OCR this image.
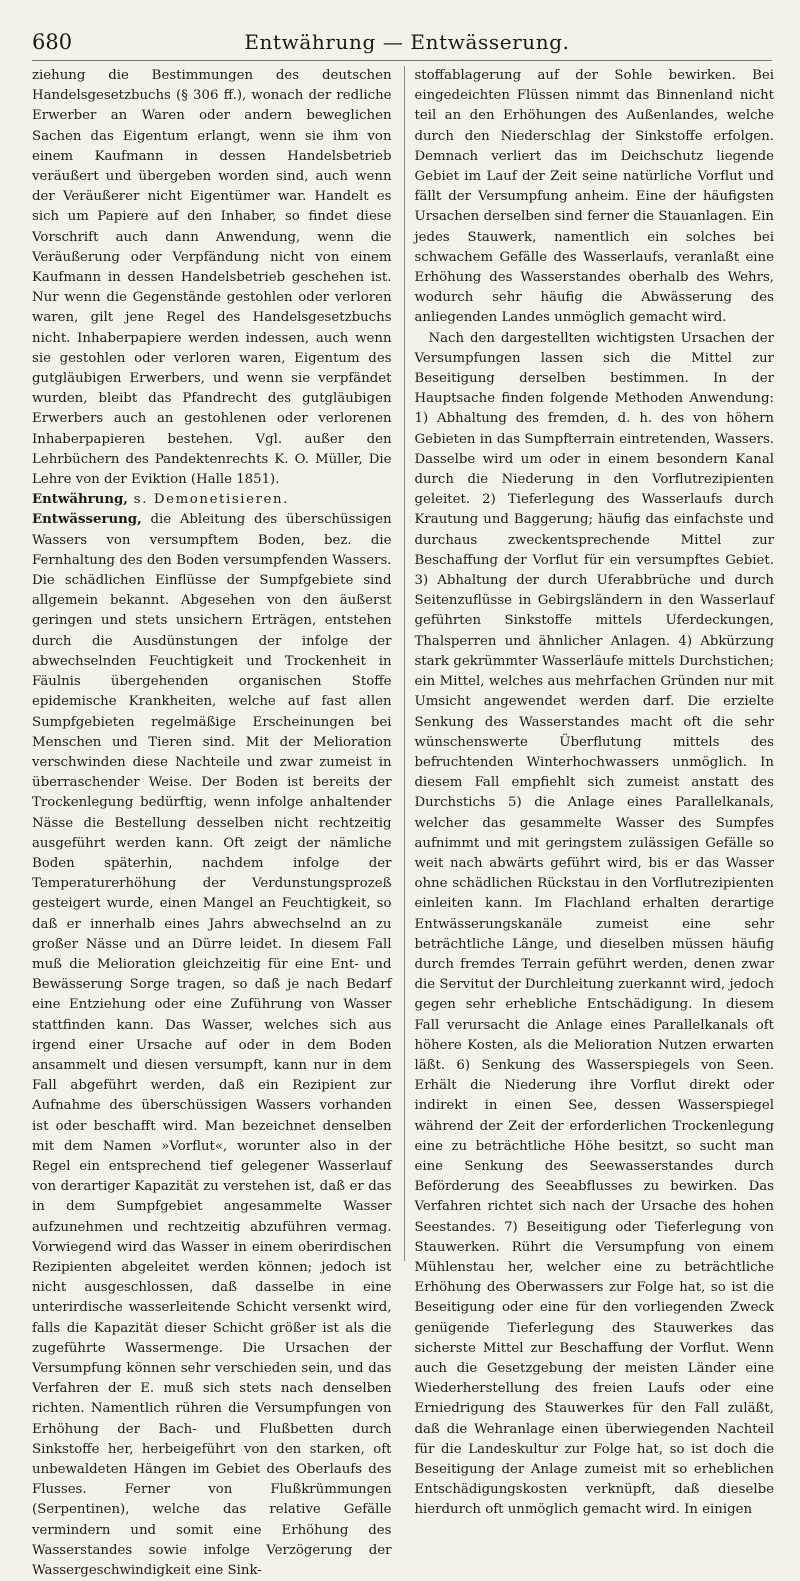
680	Entwährung — Entwässerung.

ziehung die Bestimmungen des deutschen Handelsgesetzbuchs (§ 306 ff.), wonach der redliche Erwerber an Waren oder andern beweglichen Sachen das Eigentum erlangt, wenn sie ihm von einem Kaufmann in dessen Handelsbetrieb veräußert und übergeben worden sind, auch wenn der Veräußerer nicht Eigentümer war. Handelt es sich um Papiere auf den Inhaber, so findet diese Vorschrift auch dann Anwendung, wenn die Veräußerung oder Verpfändung nicht von einem Kaufmann in dessen Handelsbetrieb geschehen ist. Nur wenn die Gegenstände gestohlen oder verloren waren, gilt jene Regel des Handelsgesetzbuchs nicht. Inhaberpapiere werden indessen, auch wenn sie gestohlen oder verloren waren, Eigentum des gutgläubigen Erwerbers, und wenn sie verpfändet wurden, bleibt das Pfandrecht des gutgläubigen Erwerbers auch an gestohlenen oder verlorenen Inhaberpapieren bestehen. Vgl. außer den Lehrbüchern des Pandektenrechts K. O. Müller, Die Lehre von der Eviktion (Halle 1851).

Entwährung, s. Demonetisieren.

Entwässerung, die Ableitung des überschüssigen Wassers von versumpftem Boden, bez. die Fernhaltung des den Boden versumpfenden Wassers. Die schädlichen Einflüsse der Sumpfgebiete sind allgemein bekannt. Abgesehen von den äußerst geringen und stets unsichern Erträgen, entstehen durch die Ausdünstungen der infolge der abwechselnden Feuchtigkeit und Trockenheit in Fäulnis übergehenden organischen Stoffe epidemische Krankheiten, welche auf fast allen Sumpfgebieten regelmäßige Erscheinungen bei Menschen und Tieren sind. Mit der Melioration verschwinden diese Nachteile und zwar zumeist in überraschender Weise. Der Boden ist bereits der Trockenlegung bedürftig, wenn infolge anhaltender Nässe die Bestellung desselben nicht rechtzeitig ausgeführt werden kann. Oft zeigt der nämliche Boden späterhin, nachdem infolge der Temperaturerhöhung der Verdunstungsprozeß gesteigert wurde, einen Mangel an Feuchtigkeit, so daß er innerhalb eines Jahrs abwechselnd an zu großer Nässe und an Dürre leidet. In diesem Fall muß die Melioration gleichzeitig für eine Ent- und Bewässerung Sorge tragen, so daß je nach Bedarf eine Entziehung oder eine Zuführung von Wasser stattfinden kann. Das Wasser, welches sich aus irgend einer Ursache auf oder in dem Boden ansammelt und diesen versumpft, kann nur in dem Fall abgeführt werden, daß ein Rezipient zur Aufnahme des überschüssigen Wassers vorhanden ist oder beschafft wird. Man bezeichnet denselben mit dem Namen »Vorflut«, worunter also in der Regel ein entsprechend tief gelegener Wasserlauf von derartiger Kapazität zu verstehen ist, daß er das in dem Sumpfgebiet angesammelte Wasser aufzunehmen und rechtzeitig abzuführen vermag. Vorwiegend wird das Wasser in einem oberirdischen Rezipienten abgeleitet werden können; jedoch ist nicht ausgeschlossen, daß dasselbe in eine unterirdische wasserleitende Schicht versenkt wird, falls die Kapazität dieser Schicht größer ist als die zugeführte Wassermenge. Die Ursachen der Versumpfung können sehr verschieden sein, und das Verfahren der E. muß sich stets nach denselben richten. Namentlich rühren die Versumpfungen von Erhöhung der Bach- und Flußbetten durch Sinkstoffe her, herbeigeführt von den starken, oft unbewaldeten Hängen im Gebiet des Oberlaufs des Flusses. Ferner von Flußkrümmungen (Serpentinen), welche das relative Gefälle vermindern und somit eine Erhöhung des Wasserstandes sowie infolge Verzögerung der Wassergeschwindigkeit eine Sink-

stoffablagerung auf der Sohle bewirken. Bei eingedeichten Flüssen nimmt das Binnenland nicht teil an den Erhöhungen des Außenlandes, welche durch den Niederschlag der Sinkstoffe erfolgen. Demnach verliert das im Deichschutz liegende Gebiet im Lauf der Zeit seine natürliche Vorflut und fällt der Versumpfung anheim. Eine der häufigsten Ursachen derselben sind ferner die Stauanlagen. Ein jedes Stauwerk, namentlich ein solches bei schwachem Gefälle des Wasserlaufs, veranlaßt eine Erhöhung des Wasserstandes oberhalb des Wehrs, wodurch sehr häufig die Abwässerung des anliegenden Landes unmöglich gemacht wird.

Nach den dargestellten wichtigsten Ursachen der Versumpfungen lassen sich die Mittel zur Beseitigung derselben bestimmen. In der Hauptsache finden folgende Methoden Anwendung: 1) Abhaltung des fremden, d. h. des von höhern Gebieten in das Sumpfterrain eintretenden, Wassers. Dasselbe wird um oder in einem besondern Kanal durch die Niederung in den Vorflutrezipienten geleitet. 2) Tieferlegung des Wasserlaufs durch Krautung und Baggerung; häufig das einfachste und durchaus zweckentsprechende Mittel zur Beschaffung der Vorflut für ein versumpftes Gebiet. 3) Abhaltung der durch Uferabbrüche und durch Seitenzuflüsse in Gebirgsländern in den Wasserlauf geführten Sinkstoffe mittels Uferdeckungen, Thalsperren und ähnlicher Anlagen. 4) Abkürzung stark gekrümmter Wasserläufe mittels Durchstichen; ein Mittel, welches aus mehrfachen Gründen nur mit Umsicht angewendet werden darf. Die erzielte Senkung des Wasserstandes macht oft die sehr wünschenswerte Überflutung mittels des befruchtenden Winterhochwassers unmöglich. In diesem Fall empfiehlt sich zumeist anstatt des Durchstichs 5) die Anlage eines Parallelkanals, welcher das gesammelte Wasser des Sumpfes aufnimmt und mit geringstem zulässigen Gefälle so weit nach abwärts geführt wird, bis er das Wasser ohne schädlichen Rückstau in den Vorflutrezipienten einleiten kann. Im Flachland erhalten derartige Entwässerungskanäle zumeist eine sehr beträchtliche Länge, und dieselben müssen häufig durch fremdes Terrain geführt werden, denen zwar die Servitut der Durchleitung zuerkannt wird, jedoch gegen sehr erhebliche Entschädigung. In diesem Fall verursacht die Anlage eines Parallelkanals oft höhere Kosten, als die Melioration Nutzen erwarten läßt. 6) Senkung des Wasserspiegels von Seen. Erhält die Niederung ihre Vorflut direkt oder indirekt in einen See, dessen Wasserspiegel während der Zeit der erforderlichen Trockenlegung eine zu beträchtliche Höhe besitzt, so sucht man eine Senkung des Seewasserstandes durch Beförderung des Seeabflusses zu bewirken. Das Verfahren richtet sich nach der Ursache des hohen Seestandes. 7) Beseitigung oder Tieferlegung von Stauwerken. Rührt die Versumpfung von einem Mühlenstau her, welcher eine zu beträchtliche Erhöhung des Oberwassers zur Folge hat, so ist die Beseitigung oder eine für den vorliegenden Zweck genügende Tieferlegung des Stauwerkes das sicherste Mittel zur Beschaffung der Vorflut. Wenn auch die Gesetzgebung der meisten Länder eine Wiederherstellung des freien Laufs oder eine Erniedrigung des Stauwerkes für den Fall zuläßt, daß die Wehranlage einen überwiegenden Nachteil für die Landeskultur zur Folge hat, so ist doch die Beseitigung der Anlage zumeist mit so erheblichen Entschädigungskosten verknüpft, daß dieselbe hierdurch oft unmöglich gemacht wird. In einigen
